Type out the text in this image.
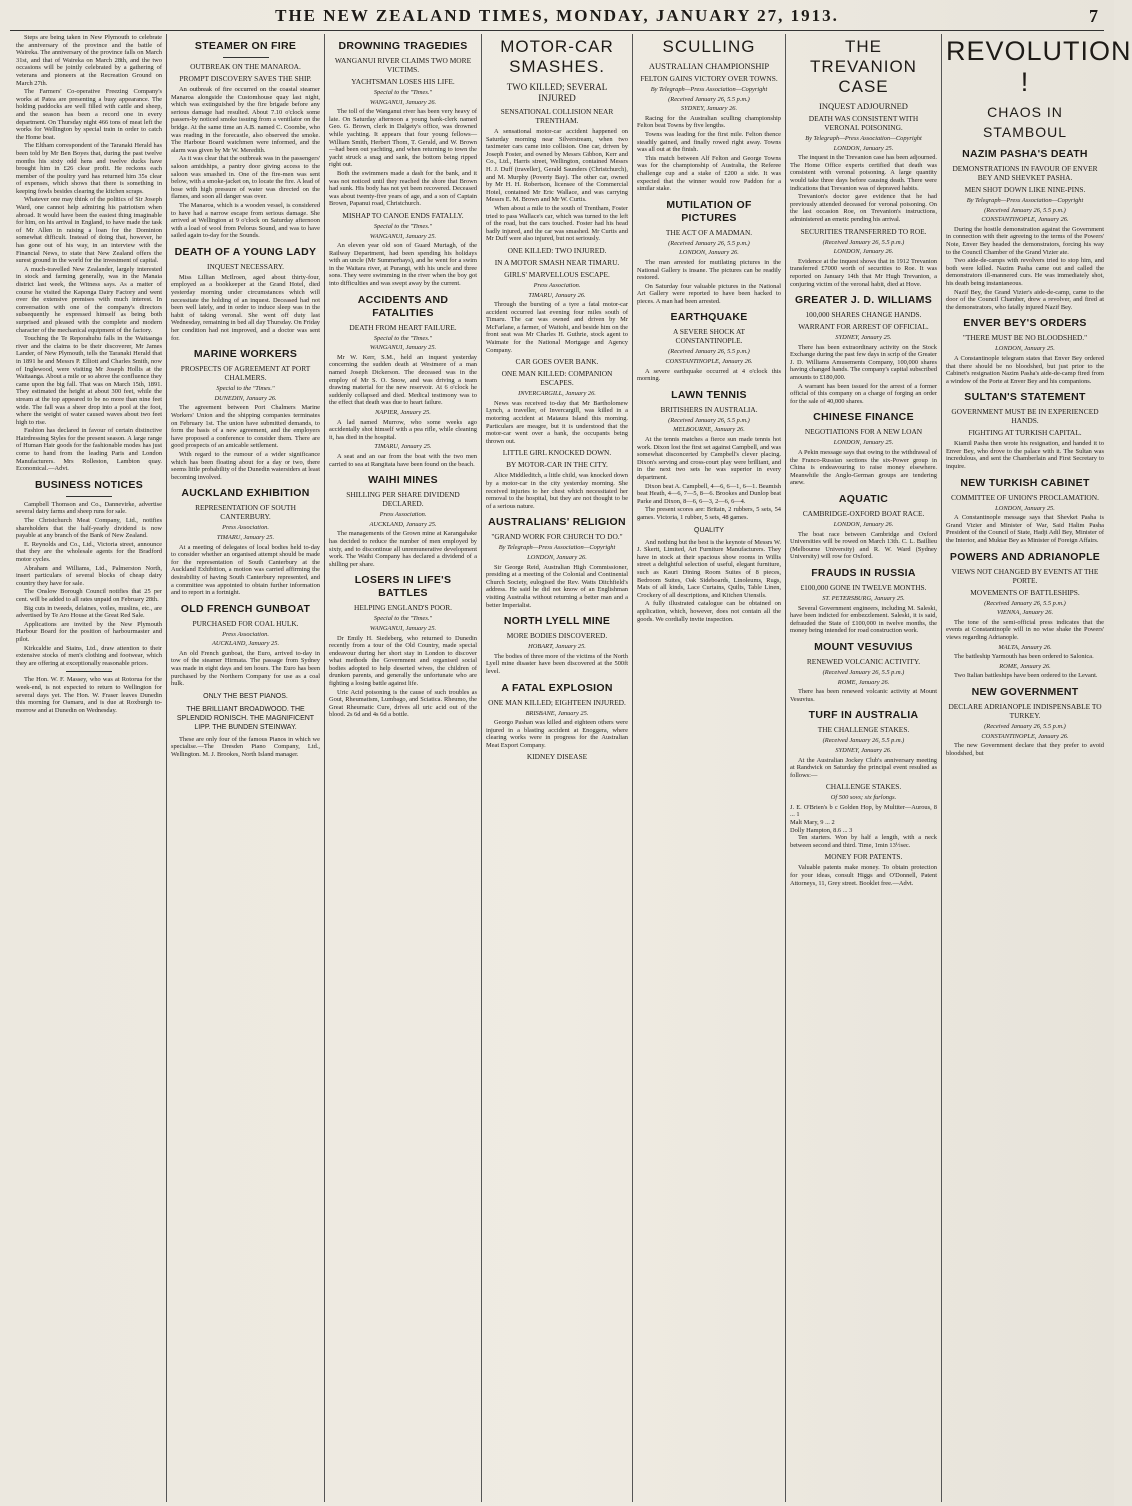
THE NEW ZEALAND TIMES, MONDAY, JANUARY 27, 1913.	7

Steps are being taken in New Plymouth to celebrate the anniversary of the province and the battle of Waireka. The anniversary of the province falls on March 31st, and that of Waireka on March 28th, and the two occasions will be jointly celebrated by a gathering of veterans and pioneers at the Recreation Ground on March 27th.

The Farmers' Co-operative Freezing Company's works at Patea are presenting a busy appearance. The holding paddocks are well filled with cattle and sheep, and the season has been a record one in every department. On Thursday night 466 tons of meat left the works for Wellington by special train in order to catch the Home boat.

The Eltham correspondent of the Taranaki Herald has been told by Mr Ben Boyes that, during the past twelve months his sixty odd hens and twelve ducks have brought him in £26 clear profit. He reckons each member of the poultry yard has returned him 35s clear of expenses, which shows that there is something in keeping fowls besides clearing the kitchen scraps.

Whatever one may think of the politics of Sir Joseph Ward, one cannot help admiring his patriotism when abroad. It would have been the easiest thing imaginable for him, on his arrival in England, to have made the task of Mr Allen in raising a loan for the Dominion somewhat difficult. Instead of doing that, however, he has gone out of his way, in an interview with the Financial News, to state that New Zealand offers the surest ground in the world for the investment of capital.

A much-travelled New Zealander, largely interested in stock and farming generally, was in the Manaia district last week, the Witness says. As a matter of course he visited the Kaponga Dairy Factory and went over the extensive premises with much interest. In conversation with one of the company's directors subsequently he expressed himself as being both surprised and pleased with the complete and modern character of the mechanical equipment of the factory.

Touching the Te Reporahuhu falls in the Waitaanga river and the claims to be their discoverer, Mr James Lander, of New Plymouth, tells the Taranaki Herald that in 1891 he and Messrs P. Elliott and Charles Smith, now of Inglewood, were visiting Mr Joseph Hollis at the Waitaanga. About a mile or so above the confluence they came upon the big fall. That was on March 15th, 1891. They estimated the height at about 300 feet, while the stream at the top appeared to be no more than nine feet wide. The fall was a sheer drop into a pool at the foot, where the weight of water caused waves about two feet high to rise.

Fashion has declared in favour of certain distinctive Hairdressing Styles for the present season. A large range of Human Hair goods for the fashionable modes has just come to hand from the leading Paris and London Manufacturers. Mrs Rolleston, Lambton quay. Economical.—Advt.

BUSINESS NOTICES

Campbell Thomson and Co., Dannevirke, advertise several dairy farms and sheep runs for sale.

The Christchurch Meat Company, Ltd., notifies shareholders that the half-yearly dividend is now payable at any branch of the Bank of New Zealand.

E. Reynolds and Co., Ltd., Victoria street, announce that they are the wholesale agents for the Bradford motor cycles.

Abraham and Williams, Ltd., Palmerston North, insert particulars of several blocks of cheap dairy country they have for sale.

The Onslow Borough Council notifies that 25 per cent. will be added to all rates unpaid on February 28th.

Big cuts in tweeds, delaines, voiles, muslins, etc., are advertised by Te Aro House at the Great Red Sale.

Applications are invited by the New Plymouth Harbour Board for the position of harbourmaster and pilot.

Kirkcaldie and Stains, Ltd., draw attention to their extensive stocks of men's clothing and footwear, which they are offering at exceptionally reasonable prices.

The Hon. W. F. Massey, who was at Rotorua for the week-end, is not expected to return to Wellington for several days yet. The Hon. W. Fraser leaves Dunedin this morning for Oamaru, and is due at Roxburgh to-morrow and at Dunedin on Wednesday.

STEAMER ON FIRE
OUTBREAK ON THE MANAROA.
PROMPT DISCOVERY SAVES THE SHIP.

An outbreak of fire occurred on the coastal steamer Manaroa alongside the Customhouse quay last night, which was extinguished by the fire brigade before any serious damage had resulted. About 7.10 o'clock some passers-by noticed smoke issuing from a ventilator on the bridge. At the same time an A.B. named C. Coombe, who was reading in the forecastle, also observed the smoke. The Harbour Board watchmen were informed, and the alarm was given by Mr W. Meredith.

As it was clear that the outbreak was in the passengers' saloon amidships, a pantry door giving access to the saloon was smashed in. One of the fire-men was sent below, with a smoke-jacket on, to locate the fire. A lead of hose with high pressure of water was directed on the flames, and soon all danger was over.

The Manaroa, which is a wooden vessel, is considered to have had a narrow escape from serious damage. She arrived at Wellington at 9 o'clock on Saturday afternoon with a load of wool from Pelorus Sound, and was to have sailed again to-day for the Sounds.

DEATH OF A YOUNG LADY
INQUEST NECESSARY.

Miss Lillian McIlroen, aged about thirty-four, employed as a bookkeeper at the Grand Hotel, died yesterday morning under circumstances which will necessitate the holding of an inquest. Deceased had not been well lately, and in order to induce sleep was in the habit of taking veronal. She went off duty last Wednesday, remaining in bed all day Thursday. On Friday her condition had not improved, and a doctor was sent for.

MARINE WORKERS
PROSPECTS OF AGREEMENT AT PORT CHALMERS.
Special to the "Times."
DUNEDIN, January 26.

The agreement between Port Chalmers Marine Workers' Union and the shipping companies terminates on February 1st. The union have submitted demands, to form the basis of a new agreement, and the employers have proposed a conference to consider them. There are good prospects of an amicable settlement.

With regard to the rumour of a wider significance which has been floating about for a day or two, there seems little probability of the Dunedin watersiders at least becoming involved.

AUCKLAND EXHIBITION
REPRESENTATION OF SOUTH CANTERBURY.
Press Association.
TIMARU, January 25.

At a meeting of delegates of local bodies held to-day to consider whether an organised attempt should be made for the representation of South Canterbury at the Auckland Exhibition, a motion was carried affirming the desirability of having South Canterbury represented, and a committee was appointed to obtain further information and to report in a fortnight.

OLD FRENCH GUNBOAT
PURCHASED FOR COAL HULK.
Press Association.
AUCKLAND, January 25.

An old French gunboat, the Euro, arrived to-day in tow of the steamer Hirmata. The passage from Sydney was made in eight days and ten hours. The Euro has been purchased by the Northern Company for use as a coal hulk.

ONLY THE BEST PIANOS.
THE BRILLIANT BROADWOOD. THE SPLENDID RONISCH. THE MAGNIFICENT LIPP. THE BUNDEN STEINWAY.

These are only four of the famous Pianos in which we specialise.—The Dresden Piano Company, Ltd., Wellington. M. J. Brookes, North Island manager.

DROWNING TRAGEDIES
WANGANUI RIVER CLAIMS TWO MORE VICTIMS.
YACHTSMAN LOSES HIS LIFE.
Special to the "Times."
WANGANUI, January 26.

The toll of the Wanganui river has been very heavy of late. On Saturday afternoon a young bank-clerk named Geo. G. Brown, clerk in Dalgety's office, was drowned while yachting. It appears that four young fellows—William Smith, Herbert Thom, T. Gerald, and W. Brown—had been out yachting, and when returning to town the yacht struck a snag and sank, the bottom being ripped right out.

Both the swimmers made a dash for the bank, and it was not noticed until they reached the shore that Brown had sunk. His body has not yet been recovered. Deceased was about twenty-five years of age, and a son of Captain Brown, Papanui road, Christchurch.

MISHAP TO CANOE ENDS FATALLY.
Special to the "Times."
WANGANUI, January 25.

An eleven year old son of Guard Murtagh, of the Railway Department, had been spending his holidays with an uncle (Mr Summerhays), and he went for a swim in the Waitara river, at Purangi, with his uncle and three sons. They were swimming in the river when the boy got into difficulties and was swept away by the current.

ACCIDENTS AND FATALITIES
DEATH FROM HEART FAILURE.
Special to the "Times."
WANGANUI, January 25.

Mr W. Kerr, S.M., held an inquest yesterday concerning the sudden death at Westmere of a man named Joseph Dickerson. The deceased was in the employ of Mr S. O. Snow, and was driving a team drawing material for the new reservoir. At 6 o'clock he suddenly collapsed and died. Medical testimony was to the effect that death was due to heart failure.

NAPIER, January 25.

A lad named Murrow, who some weeks ago accidentally shot himself with a pea rifle, while cleaning it, has died in the hospital.

TIMARU, January 25.

A seat and an oar from the boat with the two men carried to sea at Rangitata have been found on the beach.

WAIHI MINES
SHILLING PER SHARE DIVIDEND DECLARED.
Press Association.
AUCKLAND, January 25.

The managements of the Grown mine at Karangahake has decided to reduce the number of men employed by sixty, and to discontinue all unremunerative development work. The Waihi Company has declared a dividend of a shilling per share.

LOSERS IN LIFE'S BATTLES
HELPING ENGLAND'S POOR.
Special to the "Times."
WANGANUI, January 25.

Dr Emily H. Siedeberg, who returned to Dunedin recently from a tour of the Old Country, made special endeavour during her short stay in London to discover what methods the Government and organised social bodies adopted to help deserted wives, the children of drunken parents, and generally the unfortunate who are fighting a losing battle against life.

Uric Acid poisoning is the cause of such troubles as Gout, Rheumatism, Lumbago, and Sciatica. Rheumo, the Great Rheumatic Cure, drives all uric acid out of the blood. 2s 6d and 4s 6d a bottle.

MOTOR-CAR SMASHES.
TWO KILLED; SEVERAL INJURED
SENSATIONAL COLLISION NEAR TRENTHAM.

A sensational motor-car accident happened on Saturday morning near Silverstream, when two taximeter cars came into collision. One car, driven by Joseph Foster, and owned by Messrs Gibbon, Kerr and Co., Ltd., Harris street, Wellington, contained Messrs H. J. Duff (traveller), Gerald Saunders (Christchurch), and M. Murphy (Poverty Bay). The other car, owned by Mr H. H. Robertson, licensee of the Commercial Hotel, contained Mr Eric Wallace, and was carrying Messrs E. M. Brown and Mr W. Curtis.

When about a mile to the south of Trentham, Foster tried to pass Wallace's car, which was turned to the left of the road, but the cars touched. Foster had his head badly injured, and the car was smashed. Mr Curtis and Mr Duff were also injured, but not seriously.

ONE KILLED: TWO INJURED.
IN A MOTOR SMASH NEAR TIMARU.
GIRLS' MARVELLOUS ESCAPE.
Press Association.
TIMARU, January 26.

Through the bursting of a tyre a fatal motor-car accident occurred last evening four miles south of Timaru. The car was owned and driven by Mr McFarlane, a farmer, of Waitohi, and beside him on the front seat was Mr Charles H. Guthrie, stock agent to Waimate for the National Mortgage and Agency Company.

CAR GOES OVER BANK.
ONE MAN KILLED: COMPANION ESCAPES.
INVERCARGILL, January 26.

News was received to-day that Mr Bartholomew Lynch, a traveller, of Invercargill, was killed in a motoring accident at Mataura Island this morning. Particulars are meagre, but it is understood that the motor-car went over a bank, the occupants being thrown out.

LITTLE GIRL KNOCKED DOWN.
BY MOTOR-CAR IN THE CITY.

Alice Middleditch, a little child, was knocked down by a motor-car in the city yesterday morning. She received injuries to her chest which necessitated her removal to the hospital, but they are not thought to be of a serious nature.

AUSTRALIANS' RELIGION
"GRAND WORK FOR CHURCH TO DO."
By Telegraph—Press Association—Copyright
LONDON, January 26.

Sir George Reid, Australian High Commissioner, presiding at a meeting of the Colonial and Continental Church Society, eulogised the Rev. Watts Ditchfield's address. He said he did not know of an Englishman visiting Australia without returning a better man and a better Imperialist.

NORTH LYELL MINE
MORE BODIES DISCOVERED.
HOBART, January 25.

The bodies of three more of the victims of the North Lyell mine disaster have been discovered at the 500ft level.

A FATAL EXPLOSION
ONE MAN KILLED; EIGHTEEN INJURED.
BRISBANE, January 25.

Georgo Pashan was killed and eighteen others were injured in a blasting accident at Enoggera, where clearing works were in progress for the Australian Meat Export Company.

KIDNEY DISEASE
SCULLING
AUSTRALIAN CHAMPIONSHIP
FELTON GAINS VICTORY OVER TOWNS.
By Telegraph—Press Association—Copyright
(Received January 26, 5.5 p.m.)
SYDNEY, January 26.

Racing for the Australian sculling championship Felton beat Towns by five lengths.

Towns was leading for the first mile. Felton thence steadily gained, and finally rowed right away. Towns was all out at the finish.

This match between Alf Felton and George Towns was for the championship of Australia, the Referee challenge cup and a stake of £200 a side. It was expected that the winner would row Paddon for a similar stake.

MUTILATION OF PICTURES
THE ACT OF A MADMAN.
(Received January 26, 5.5 p.m.)
LONDON, January 26.

The man arrested for mutilating pictures in the National Gallery is insane. The pictures can be readily restored.

On Saturday four valuable pictures in the National Art Gallery were reported to have been hacked to pieces. A man had been arrested.

EARTHQUAKE
A SEVERE SHOCK AT CONSTANTINOPLE.
(Received January 26, 5.5 p.m.)
CONSTANTINOPLE, January 26.

A severe earthquake occurred at 4 o'clock this morning.

LAWN TENNIS
BRITISHERS IN AUSTRALIA.
(Received January 26, 5.5 p.m.)
MELBOURNE, January 26.

At the tennis matches a fierce sun made tennis hot work. Dixon lost the first set against Campbell, and was somewhat disconcerted by Campbell's clever placing. Dixon's serving and cross-court play were brilliant, and in the next two sets he was superior in every department.

Dixon beat A. Campbell, 4—6, 6—1, 6—1. Beamish beat Heath, 4—6, 7—5, 8—6. Brookes and Dunlop beat Parke and Dixon, 8—6, 6—3, 2—6, 6—4.

The present scores are: Britain, 2 rubbers, 5 sets, 54 games. Victoria, 1 rubber, 5 sets, 48 games.

QUALITY

And nothing but the best is the keynote of Messrs W. J. Skertt, Limited, Art Furniture Manufacturers. They have in stock at their spacious show rooms in Willis street a delightful selection of useful, elegant furniture, such as Kauri Dining Room Suites of 8 pieces, Bedroom Suites, Oak Sideboards, Linoleums, Rugs, Mats of all kinds, Lace Curtains, Quilts, Table Linen, Crockery of all descriptions, and Kitchen Utensils.

A fully illustrated catalogue can be obtained on application, which, however, does not contain all the goods. We cordially invite inspection.

THE TREVANION CASE
INQUEST ADJOURNED
DEATH WAS CONSISTENT WITH VERONAL POISONING.
By Telegraph—Press Association—Copyright
LONDON, January 25.

The inquest in the Trevanion case has been adjourned. The Home Office experts certified that death was consistent with veronal poisoning. A large quantity would take three days before causing death. There were indications that Trevanion was of depraved habits.

Trevanion's doctor gave evidence that he had previously attended deceased for veronal poisoning. On the last occasion Roe, on Trevanion's instructions, administered an emetic pending his arrival.

SECURITIES TRANSFERRED TO ROE.
(Received January 26, 5.5 p.m.)
LONDON, January 26.

Evidence at the inquest shows that in 1912 Trevanion transferred £7000 worth of securities to Roe. It was reported on January 14th that Mr Hugh Trevanion, a conjuring victim of the veronal habit, died at Hove.

GREATER J. D. WILLIAMS
100,000 SHARES CHANGE HANDS.
WARRANT FOR ARREST OF OFFICIAL.
SYDNEY, January 25.

There has been extraordinary activity on the Stock Exchange during the past few days in scrip of the Greater J. D. Williams Amusements Company, 100,000 shares having changed hands. The company's capital subscribed amounts to £180,000.

A warrant has been issued for the arrest of a former official of this company on a charge of forging an order for the sale of 40,000 shares.

CHINESE FINANCE
NEGOTIATIONS FOR A NEW LOAN
LONDON, January 25.

A Pekin message says that owing to the withdrawal of the Franco-Russian sections the six-Power group in China is endeavouring to raise money elsewhere. Meanwhile the Anglo-German groups are tendering anew.

AQUATIC
CAMBRIDGE-OXFORD BOAT RACE.
LONDON, January 26.

The boat race between Cambridge and Oxford Universities will be rowed on March 13th. C. L. Baillieu (Melbourne University) and R. W. Ward (Sydney University) will row for Oxford.

FRAUDS IN RUSSIA
£100,000 GONE IN TWELVE MONTHS.
ST. PETERSBURG, January 25.

Several Government engineers, including M. Saleski, have been indicted for embezzlement. Saleski, it is said, defrauded the State of £100,000 in twelve months, the money being intended for road construction work.

MOUNT VESUVIUS
RENEWED VOLCANIC ACTIVITY.
(Received January 26, 5.5 p.m.)
ROME, January 26.

There has been renewed volcanic activity at Mount Vesuvius.

TURF IN AUSTRALIA
THE CHALLENGE STAKES.
(Received January 26, 5.5 p.m.)
SYDNEY, January 26.

At the Australian Jockey Club's anniversary meeting at Randwick on Saturday the principal event resulted as follows:—

CHALLENGE STAKES.
Of 500 sovs; six furlongs.
J. E. O'Brien's b c Golden Hop, by Multiter—Aurous, 8 ... 1
Malt Mary, 9 ... 2
Dolly Hampton, 8.6 ... 3

Ten starters. Won by half a length, with a neck between second and third. Time, 1min 13½sec.

MONEY FOR PATENTS.

Valuable patents make money. To obtain protection for your ideas, consult Higgs and O'Donnell, Patent Attorneys, 11, Grey street. Booklet free.—Advt.

REVOLUTION !
CHAOS IN STAMBOUL
NAZIM PASHA'S DEATH
DEMONSTRATIONS IN FAVOUR OF ENVER BEY AND SHEVKET PASHA.
MEN SHOT DOWN LIKE NINE-PINS.
By Telegraph—Press Association—Copyright
(Received January 26, 5.5 p.m.)
CONSTANTINOPLE, January 26.

During the hostile demonstration against the Government in connection with their agreeing to the terms of the Powers' Note, Enver Bey headed the demonstrators, forcing his way to the Council Chamber of the Grand Vizier ate.

Two aide-de-camps with revolvers tried to stop him, and both were killed. Nazim Pasha came out and called the demonstrators ill-mannered curs. He was immediately shot, his death being instantaneous.

Nazif Bey, the Grand Vizier's aide-de-camp, came to the door of the Council Chamber, drew a revolver, and fired at the demonstrators, who fatally injured Nazif Bey.

ENVER BEY'S ORDERS
"THERE MUST BE NO BLOODSHED."
LONDON, January 25.

A Constantinople telegram states that Enver Bey ordered that there should be no bloodshed, but just prior to the Cabinet's resignation Nazim Pasha's aide-de-camp fired from a window of the Porte at Enver Bey and his companions.

SULTAN'S STATEMENT
GOVERNMENT MUST BE IN EXPERIENCED HANDS.
FIGHTING AT TURKISH CAPITAL.

Kiamil Pasha then wrote his resignation, and handed it to Enver Bey, who drove to the palace with it. The Sultan was incredulous, and sent the Chamberlain and First Secretary to inquire.

NEW TURKISH CABINET
COMMITTEE OF UNION'S PROCLAMATION.
LONDON, January 25.

A Constantinople message says that Shevket Pasha is Grand Vizier and Minister of War, Said Halim Pasha President of the Council of State, Hadji Adil Bey, Minister of the Interior, and Muktar Bey as Minister of Foreign Affairs.

POWERS AND ADRIANOPLE
VIEWS NOT CHANGED BY EVENTS AT THE PORTE.
MOVEMENTS OF BATTLESHIPS.
(Received January 26, 5.5 p.m.)
VIENNA, January 26.

The tone of the semi-official press indicates that the events at Constantinople will in no wise shake the Powers' views regarding Adrianople.

MALTA, January 26.

The battleship Yarmouth has been ordered to Salonica.

ROME, January 26.

Two Italian battleships have been ordered to the Levant.

NEW GOVERNMENT
DECLARE ADRIANOPLE INDISPENSABLE TO TURKEY.
(Received January 26, 5.5 p.m.)
CONSTANTINOPLE, January 26.

The new Government declare that they prefer to avoid bloodshed, but
